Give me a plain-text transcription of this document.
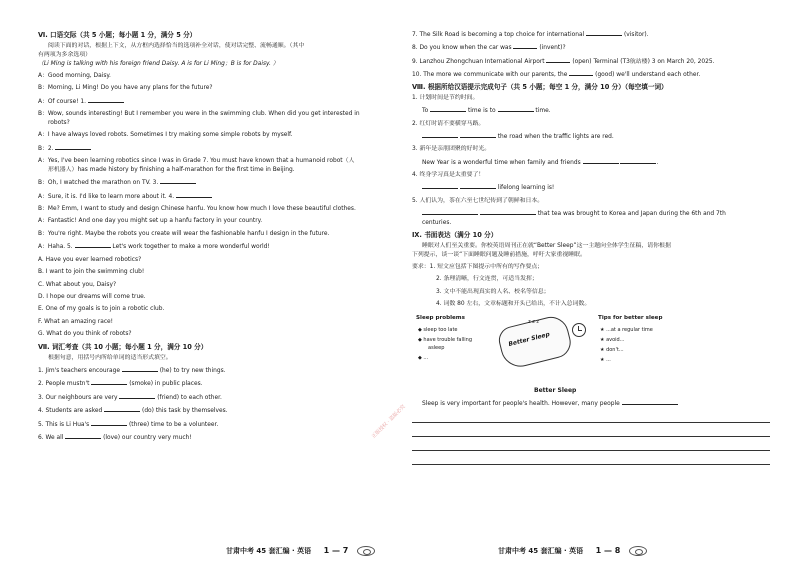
Ⅵ. 口语交际（共 5 小题；每小题 1 分，满分 5 分）
阅读下面的对话，根据上下文，从方框内选择恰当的选项补全对话，使对话完整、流畅通顺。（其中
有两项为多余选项）
（Li Ming is talking with his foreign friend Daisy. A is for Li Ming；B is for Daisy. ）
A：Good morning, Daisy.
B：Morning, Li Ming! Do you have any plans for the future?
A：Of course! 1.
B：Wow, sounds interesting! But I remember you were in the swimming club. When did you get interested in
robots?
A：I have always loved robots. Sometimes I try making some simple robots by myself.
B：2.
A：Yes, I've been learning robotics since I was in Grade 7. You must have known that a humanoid robot（人
形机器人）has made history by finishing a half-marathon for the first time in Beijing.
B：Oh, I watched the marathon on TV. 3.
A：Sure, it is. I'd like to learn more about it. 4.
B：Me? Emm, I want to study and design Chinese hanfu. You know how much I love these beautiful clothes.
A：Fantastic! And one day you might set up a hanfu factory in your country.
B：You're right. Maybe the robots you create will wear the fashionable hanfu I design in the future.
A：Haha. 5.	Let's work together to make a more wonderful world!
A. Have you ever learned robotics?
B. I want to join the swimming club!
C. What about you, Daisy?
D. I hope our dreams will come true.
E. One of my goals is to join a robotic club.
F. What an amazing race!
G. What do you think of robots?
Ⅶ. 词汇考查（共 10 小题；每小题 1 分，满分 10 分）
根据句意，用括号内所给单词的适当形式填空。
1. Jim's teachers encourage	(he) to try new things.
2. People mustn't	(smoke) in public places.
3. Our neighbours are very	(friend) to each other.
4. Students are asked	(do) this task by themselves.
5. This is Li Hua's	(three) time to be a volunteer.
6. We all	(love) our country very much!
甘肃中考 45 套汇编 · 英语 1 — 7
正版授权 · 盗版必究
7. The Silk Road is becoming a top choice for international	(visitor).
8. Do you know when the car was	(invent)?
9. Lanzhou Zhongchuan International Airport	(open) Terminal (T3航站楼) 3 on March 20, 2025.
10. The more we communicate with our parents, the	(good) we'll understand each other.
Ⅷ. 根据所给汉语提示完成句子（共 5 小题；每空 1 分，满分 10 分）（每空填一词）
1. 计划时间是节约时间。
To	time is to	time.
2. 红灯时请不要横穿马路。
the road when the traffic lights are red.
3. 新年是亲朋团聚的好时光。
New Year is a wonderful time when family and friends	.
4. 终身学习真是太重要了！
lifelong learning is!
5. 人们认为，茶在六至七世纪传到了朝鲜和日本。
that tea was brought to Korea and Japan during the 6th and 7th
centuries.
Ⅸ. 书面表达（满分 10 分）
睡眠对人们至关重要。你校英语周刊正在就“Better Sleep”这一主题向全体学生征稿，请你根据
下列提示，谈一谈“下面睡眠问题及睡前措施，呼吁大家重视睡眠。
要求：1. 短文应包括下图提示中所有的写作要点；
2. 条理清晰，行文连贯，可适当发挥；
3. 文中不能出现真实的人名、校名等信息；
4. 词数 80 左右，文章标题和开头已给出，不计入总词数。
Sleep problems
◆ sleep too late
◆ have trouble falling
asleep
◆ ...
Better Sleep
z z z
Tips for better sleep
★ ...at a regular time
★ avoid...
★ don't...
★ ...
Better Sleep
Sleep is very important for people's health. However, many people
甘肃中考 45 套汇编 · 英语 1 — 8
